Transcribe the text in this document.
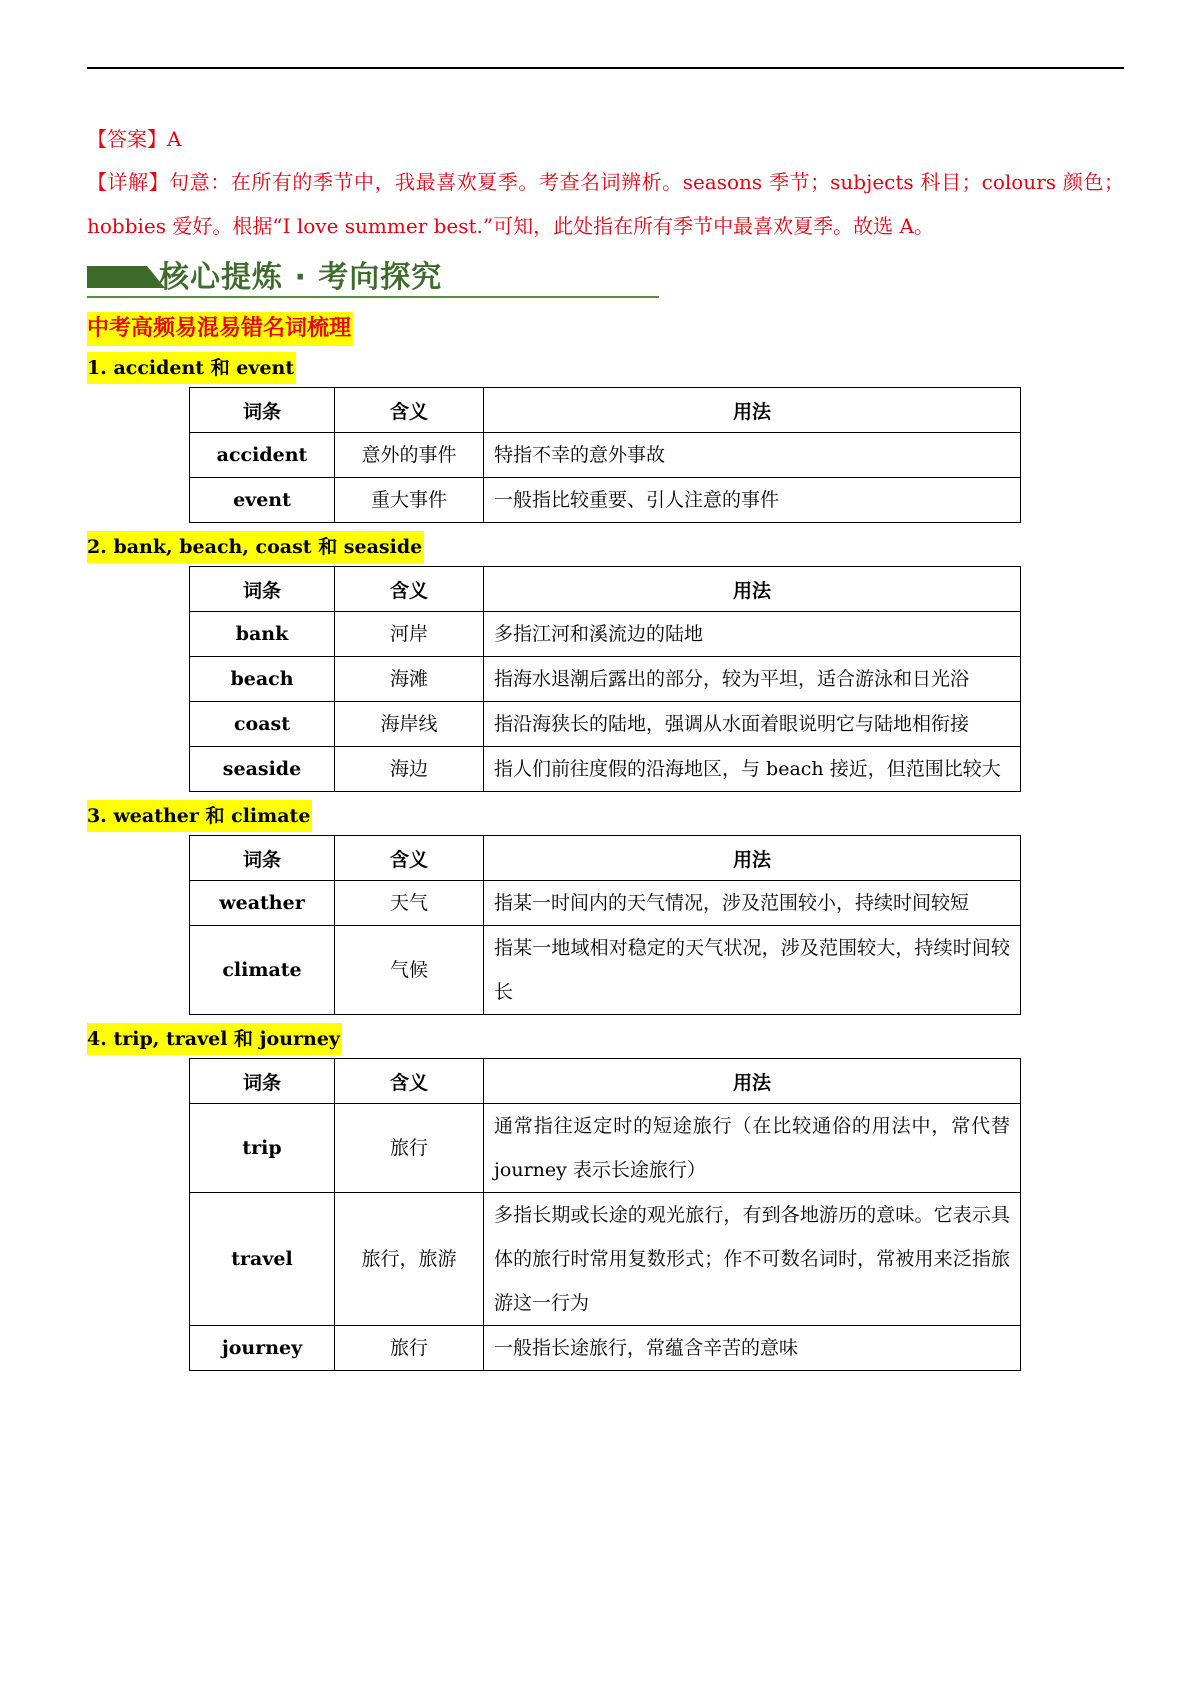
【答案】A
【详解】句意：在所有的季节中，我最喜欢夏季。考查名词辨析。seasons 季节；subjects 科目；colours 颜色；hobbies 爱好。根据“I love summer best.”可知，此处指在所有季节中最喜欢夏季。故选 A。
核心提炼 · 考向探究
中考高频易混易错名词梳理
1. accident 和 event
词条	含义	用法
accident	意外的事件	特指不幸的意外事故
event	重大事件	一般指比较重要、引人注意的事件
2. bank, beach, coast 和 seaside
词条	含义	用法
bank	河岸	多指江河和溪流边的陆地
beach	海滩	指海水退潮后露出的部分，较为平坦，适合游泳和日光浴
coast	海岸线	指沿海狭长的陆地，强调从水面着眼说明它与陆地相衔接
seaside	海边	指人们前往度假的沿海地区，与 beach 接近，但范围比较大
3. weather 和 climate
词条	含义	用法
weather	天气	指某一时间内的天气情况，涉及范围较小，持续时间较短
climate	气候	指某一地域相对稳定的天气状况，涉及范围较大，持续时间较长
4. trip, travel 和 journey
词条	含义	用法
trip	旅行	通常指往返定时的短途旅行（在比较通俗的用法中，常代替 journey 表示长途旅行）
travel	旅行，旅游	多指长期或长途的观光旅行，有到各地游历的意味。它表示具体的旅行时常用复数形式；作不可数名词时，常被用来泛指旅游这一行为
journey	旅行	一般指长途旅行，常蕴含辛苦的意味
